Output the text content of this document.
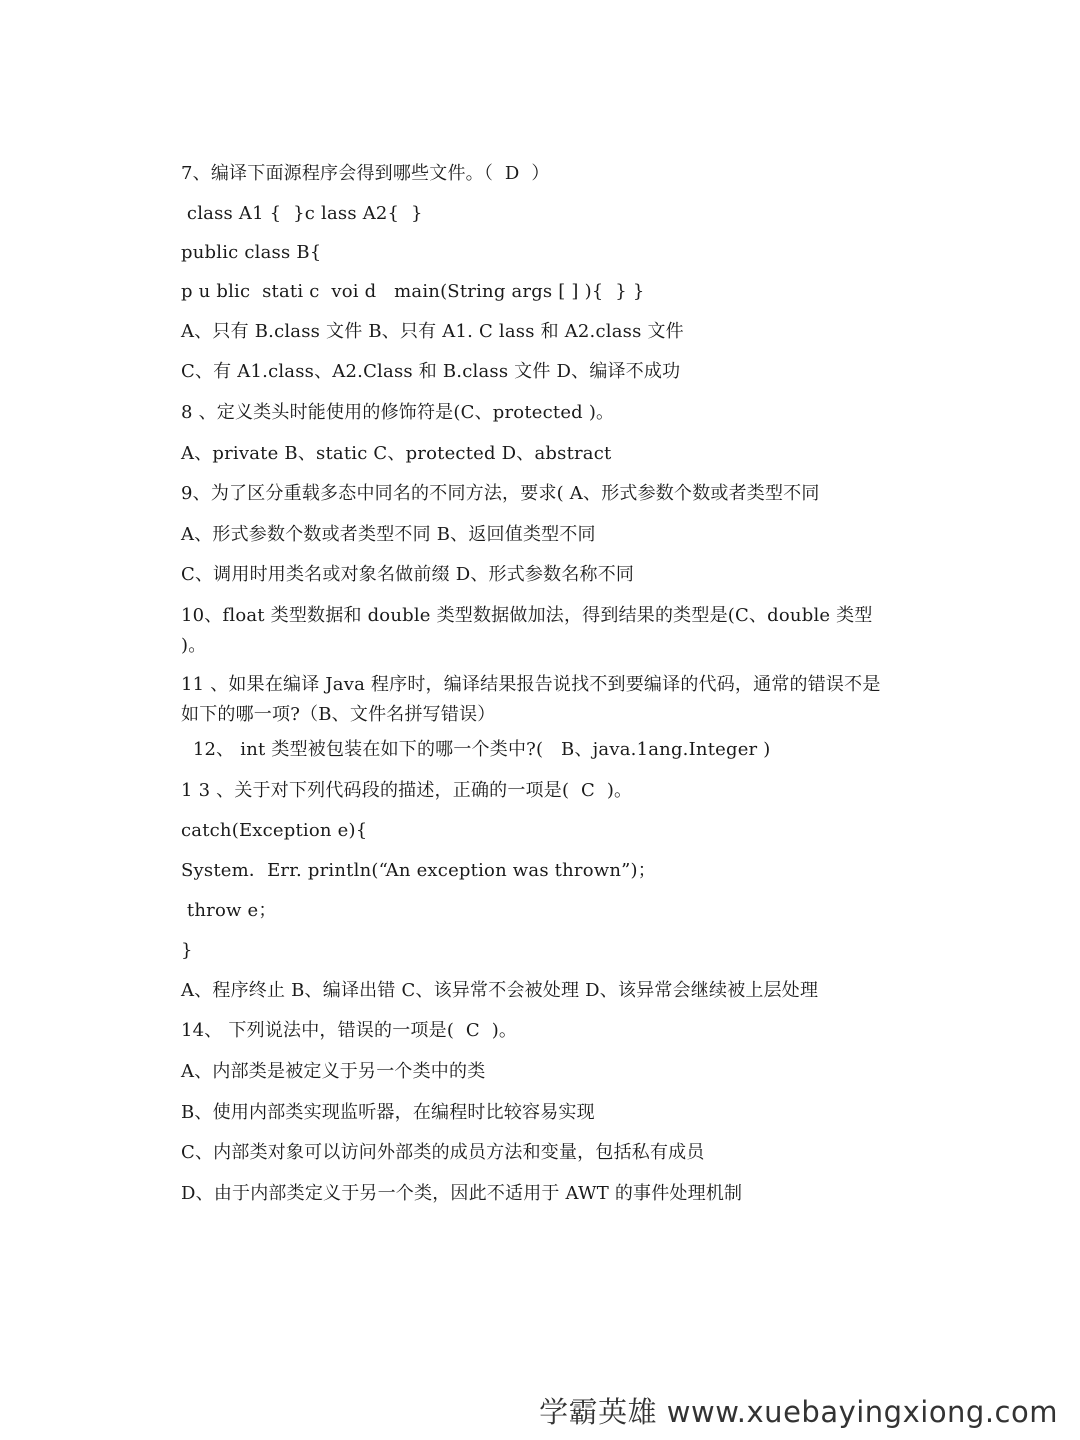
7、编译下面源程序会得到哪些文件。（  D  ）
class A1 {  }c lass A2{  }
public class B{
p u blic  stati c  voi d   main(String args [ ] ){  } }
A、只有 B.class 文件 B、只有 A1. C lass 和 A2.class 文件
C、有 A1.class、A2.Class 和 B.class 文件 D、编译不成功
8 、定义类头时能使用的修饰符是(C、protected )。
A、private B、static C、protected D、abstract
9、为了区分重载多态中同名的不同方法，要求( A、形式参数个数或者类型不同
A、形式参数个数或者类型不同 B、返回值类型不同
C、调用时用类名或对象名做前缀 D、形式参数名称不同
10、float 类型数据和 double 类型数据做加法，得到结果的类型是(C、double 类型 )。
11 、如果在编译 Java 程序时，编译结果报告说找不到要编译的代码，通常的错误不是如下的哪一项?（B、文件名拼写错误）
12、 int 类型被包装在如下的哪一个类中?(   B、java.1ang.Integer )
1 3 、关于对下列代码段的描述，正确的一项是(  C  )。
catch(Exception e){
System．Err. println(“An exception was thrown”)；
throw e；
}
A、程序终止 B、编译出错 C、该异常不会被处理 D、该异常会继续被上层处理
14、 下列说法中，错误的一项是(  C  )。
A、内部类是被定义于另一个类中的类
B、使用内部类实现监听器，在编程时比较容易实现
C、内部类对象可以访问外部类的成员方法和变量，包括私有成员
D、由于内部类定义于另一个类，因此不适用于 AWT 的事件处理机制
学霸英雄 www.xuebayingxiong.com
